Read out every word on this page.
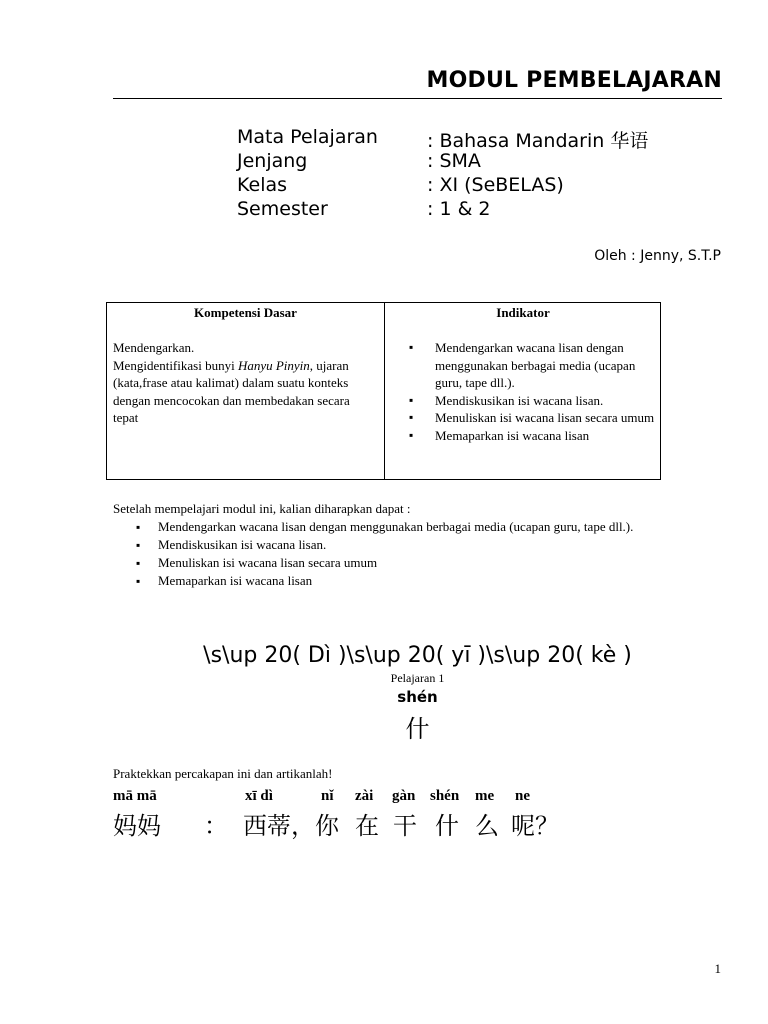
MODUL PEMBELAJARAN
Mata Pelajaran	: Bahasa Mandarin 华语
Jenjang	: SMA
Kelas	: XI (SeBELAS)
Semester	: 1 & 2
Oleh : Jenny, S.T.P
Kompetensi Dasar	Indikator
Mendengarkan.
Mengidentifikasi bunyi Hanyu Pinyin, ujaran (kata,frase atau kalimat) dalam suatu konteks dengan mencocokan dan membedakan secara tepat
▪ Mendengarkan wacana lisan dengan menggunakan berbagai media (ucapan guru, tape dll.).
▪ Mendiskusikan isi wacana lisan.
▪ Menuliskan isi wacana lisan secara umum
▪ Memaparkan isi wacana lisan
Setelah mempelajari modul ini, kalian diharapkan dapat :
▪ Mendengarkan wacana lisan dengan menggunakan berbagai media (ucapan guru, tape dll.).
▪ Mendiskusikan isi wacana lisan.
▪ Menuliskan isi wacana lisan secara umum
▪ Memaparkan isi wacana lisan
\s\up 20( Dì )\s\up 20( yī )\s\up 20( kè )
Pelajaran 1
shén
什
Praktekkan percakapan ini dan artikanlah!
mā mā	xī dì	nǐ zài gàn shén me ne
妈妈 ： 西蒂，你 在 干 什 么 呢？
1
